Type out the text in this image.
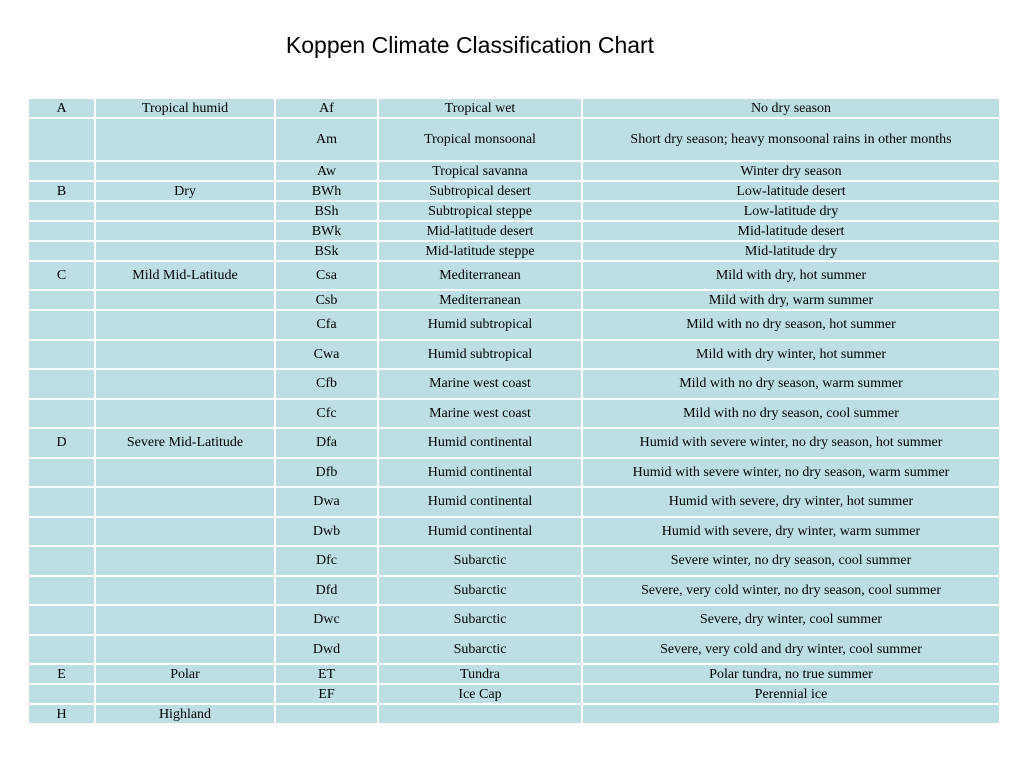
Koppen Climate Classification Chart
A	Tropical humid	Af	Tropical wet	No dry season
		Am	Tropical monsoonal	Short dry season; heavy monsoonal rains in other months
		Aw	Tropical savanna	Winter dry season
B	Dry	BWh	Subtropical desert	Low-latitude desert
		BSh	Subtropical steppe	Low-latitude dry
		BWk	Mid-latitude desert	Mid-latitude desert
		BSk	Mid-latitude steppe	Mid-latitude dry
C	Mild Mid-Latitude	Csa	Mediterranean	Mild with dry, hot summer
		Csb	Mediterranean	Mild with dry, warm summer
		Cfa	Humid subtropical	Mild with no dry season, hot summer
		Cwa	Humid subtropical	Mild with dry winter, hot summer
		Cfb	Marine west coast	Mild with no dry season, warm summer
		Cfc	Marine west coast	Mild with no dry season, cool summer
D	Severe Mid-Latitude	Dfa	Humid continental	Humid with severe winter, no dry season, hot summer
		Dfb	Humid continental	Humid with severe winter, no dry season, warm summer
		Dwa	Humid continental	Humid with severe, dry winter, hot summer
		Dwb	Humid continental	Humid with severe, dry winter, warm summer
		Dfc	Subarctic	Severe winter, no dry season, cool summer
		Dfd	Subarctic	Severe, very cold winter, no dry season, cool summer
		Dwc	Subarctic	Severe, dry winter, cool summer
		Dwd	Subarctic	Severe, very cold and dry winter, cool summer
E	Polar	ET	Tundra	Polar tundra, no true summer
		EF	Ice Cap	Perennial ice
H	Highland			
